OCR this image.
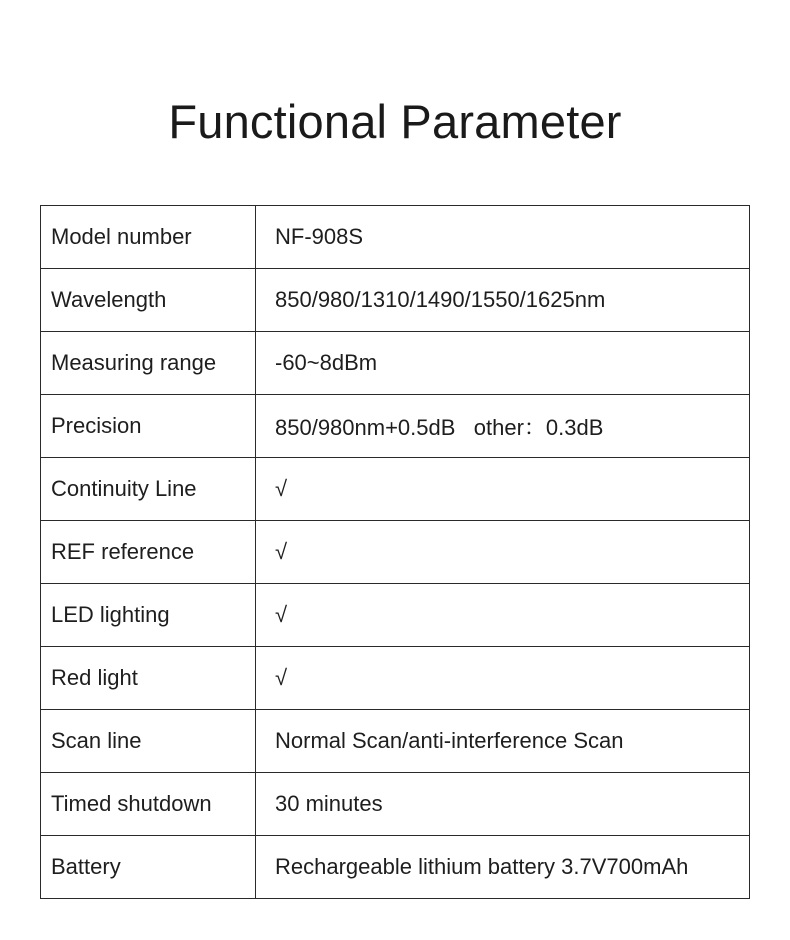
Functional Parameter
Model number	NF-908S
Wavelength	850/980/1310/1490/1550/1625nm
Measuring range	-60~8dBm
Precision	850/980nm+0.5dB   other：0.3dB
Continuity Line	√
REF reference	√
LED lighting	√
Red light	√
Scan line	Normal Scan/anti-interference Scan
Timed shutdown	30 minutes
Battery	Rechargeable lithium battery 3.7V700mAh
